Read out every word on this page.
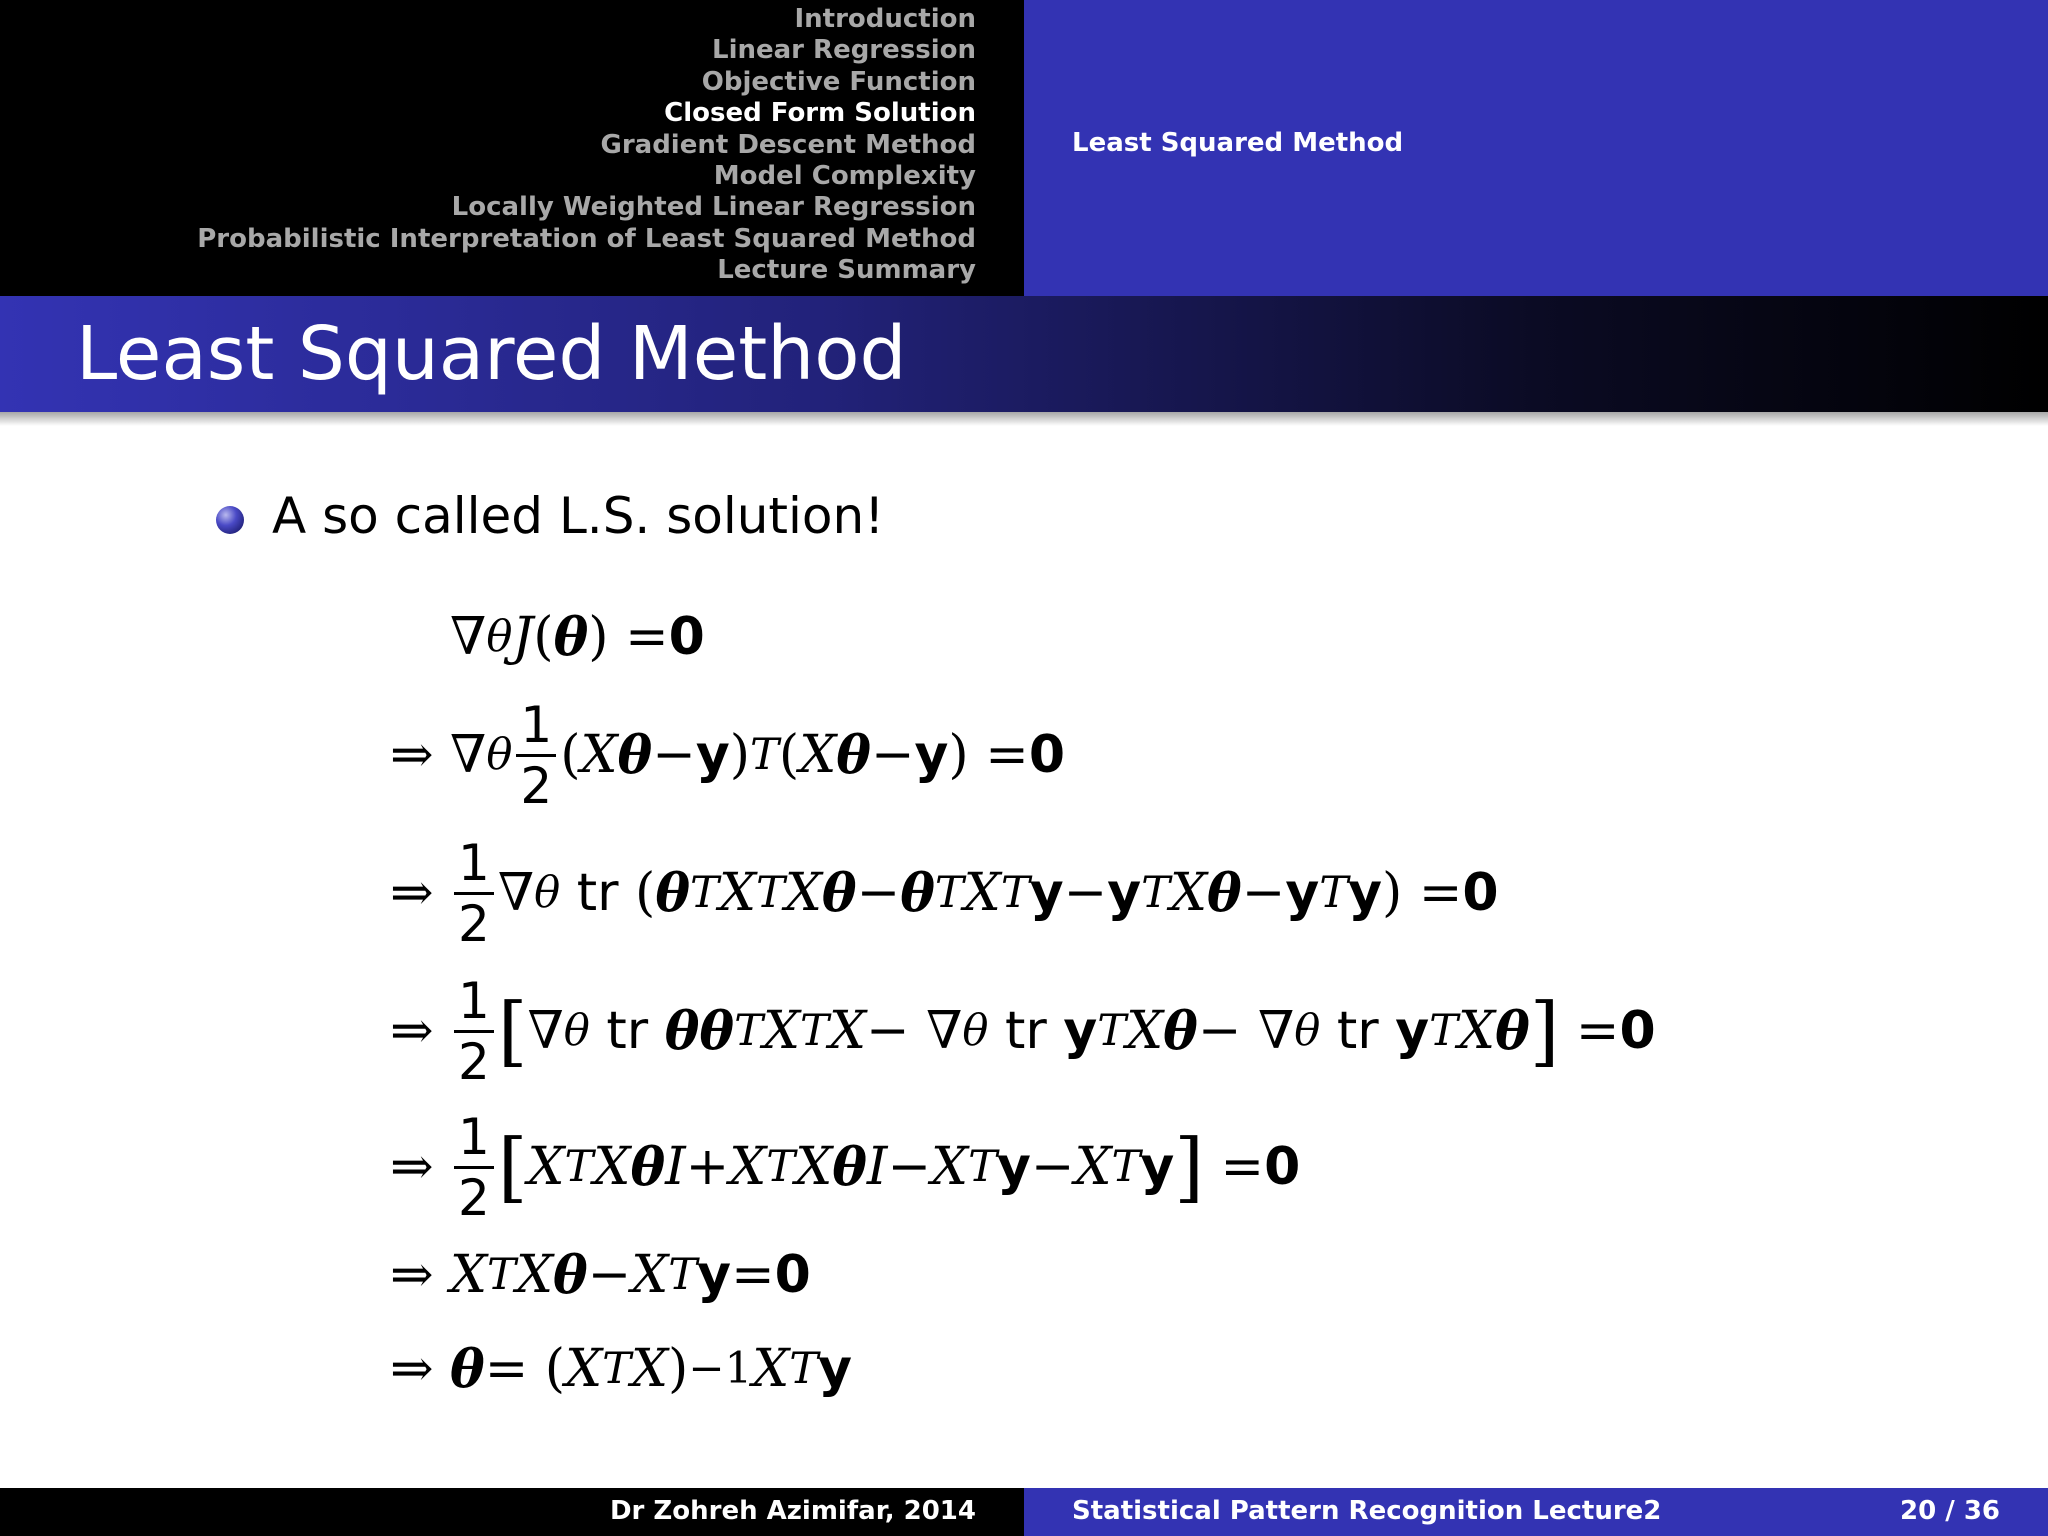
Introduction
Linear Regression
Objective Function
Closed Form Solution
Gradient Descent Method
Model Complexity
Locally Weighted Linear Regression
Probabilistic Interpretation of Least Squared Method
Lecture Summary
Least Squared Method
Least Squared Method
A so called L.S. solution!
∇ θ J ( θ ) = 0
⇒ ∇ θ $\frac{1}{2}$ ( X θ − y ) T ( X θ − y ) = 0
⇒ $\frac{1}{2}$ ∇ θ
tr ( θ T X T X θ − θ T X T y − y T X θ − y T y ) = 0
⇒ $\frac{1}{2}$ [ ∇ θ
tr
θθ T X T X − ∇ θ
tr
y T X θ − ∇ θ
tr
y T X θ ] = 0
⇒ $\frac{1}{2}$ [ X T X θ I + X T X θ I − X T y − X T y ] = 0
⇒ X T X θ − X T y = 0
⇒ θ = ( X T X ) −1 X T y
Dr Zohreh Azimifar, 2014	Statistical Pattern Recognition Lecture2	20 / 36
